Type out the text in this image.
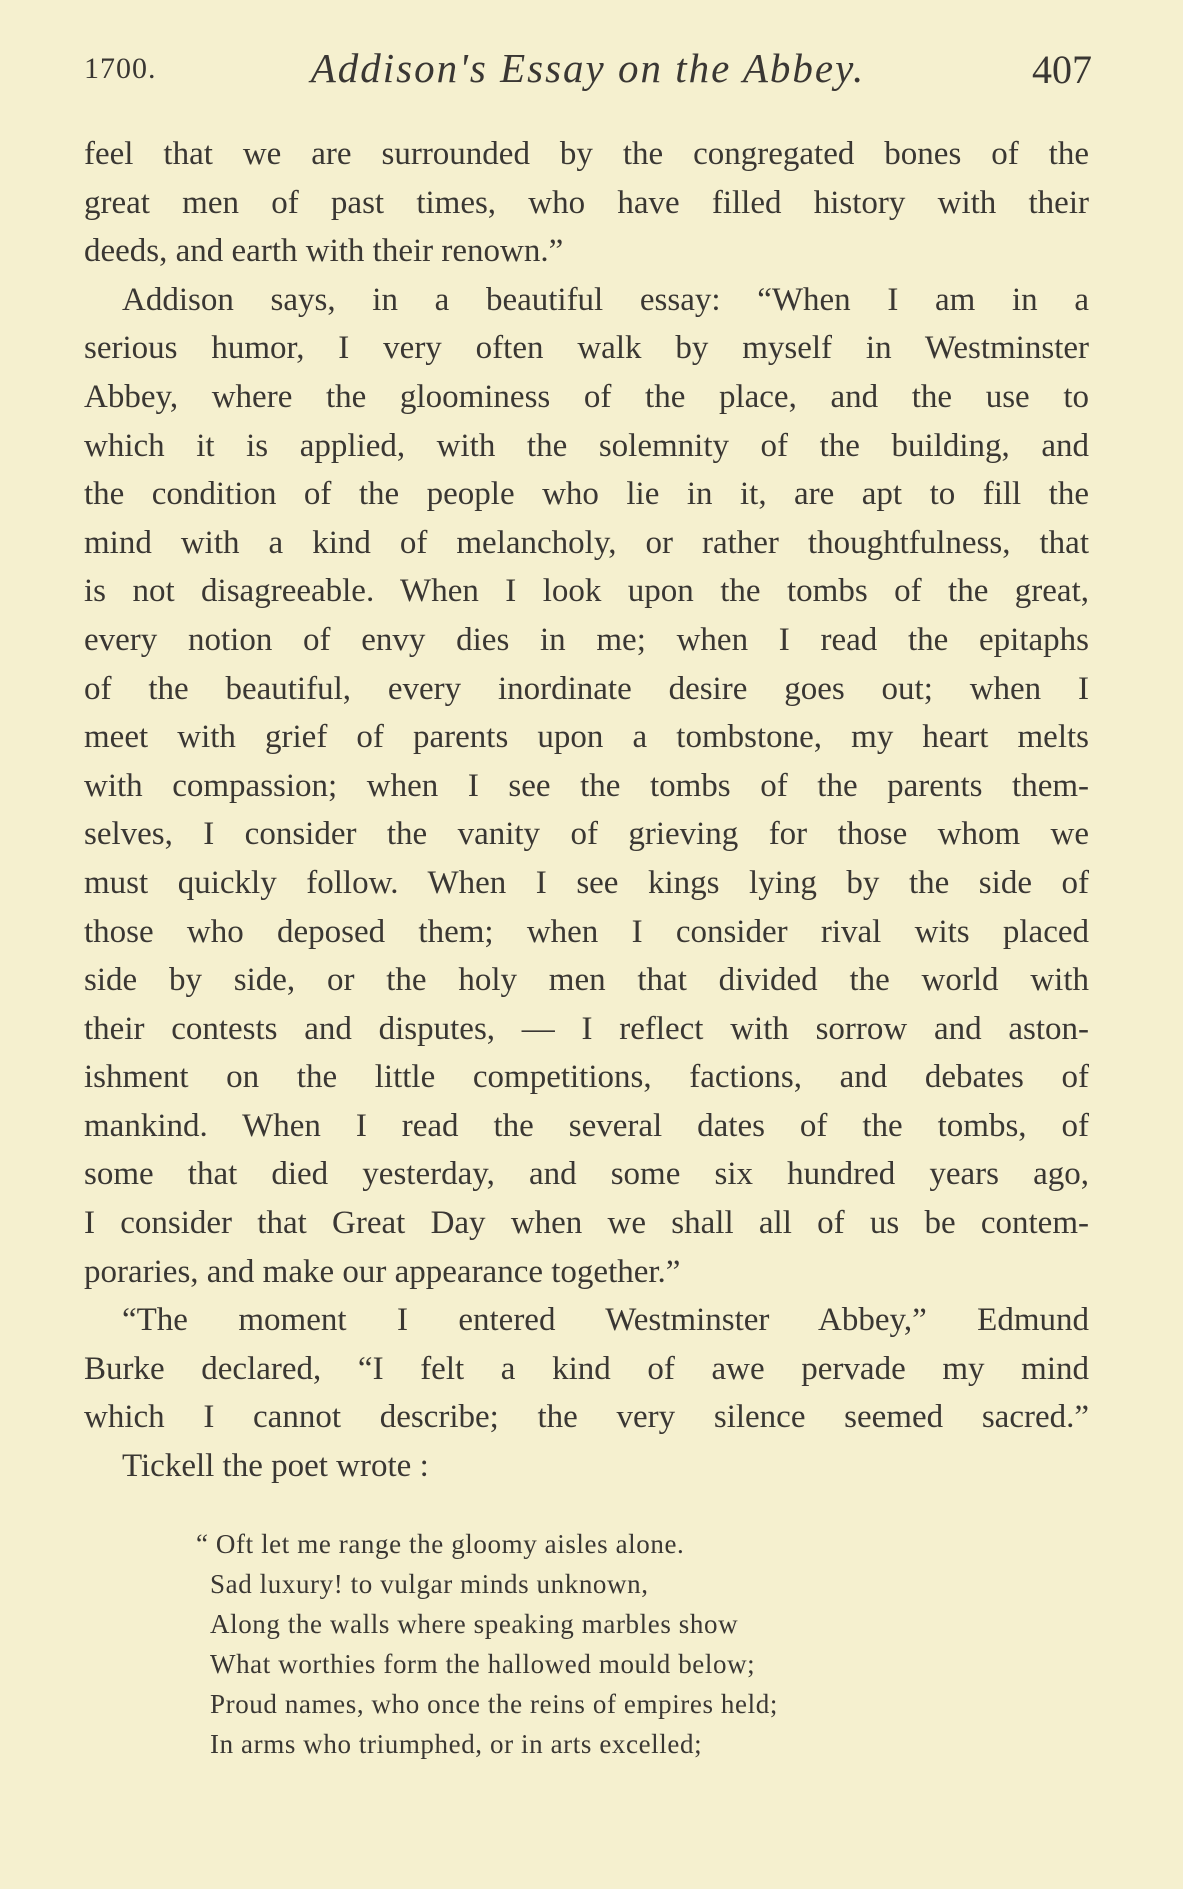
1700.	Addison's Essay on the Abbey.	407
feel that we are surrounded by the congregated bones of the
great men of past times, who have filled history with their
deeds, and earth with their renown.”
Addison says, in a beautiful essay: “When I am in a
serious humor, I very often walk by myself in Westminster
Abbey, where the gloominess of the place, and the use to
which it is applied, with the solemnity of the building, and
the condition of the people who lie in it, are apt to fill the
mind with a kind of melancholy, or rather thoughtfulness, that
is not disagreeable. When I look upon the tombs of the great,
every notion of envy dies in me; when I read the epitaphs
of the beautiful, every inordinate desire goes out; when I
meet with grief of parents upon a tombstone, my heart melts
with compassion; when I see the tombs of the parents them-
selves, I consider the vanity of grieving for those whom we
must quickly follow. When I see kings lying by the side of
those who deposed them; when I consider rival wits placed
side by side, or the holy men that divided the world with
their contests and disputes, — I reflect with sorrow and aston-
ishment on the little competitions, factions, and debates of
mankind. When I read the several dates of the tombs, of
some that died yesterday, and some six hundred years ago,
I consider that Great Day when we shall all of us be contem-
poraries, and make our appearance together.”
“The moment I entered Westminster Abbey,” Edmund
Burke declared, “I felt a kind of awe pervade my mind
which I cannot describe; the very silence seemed sacred.”
Tickell the poet wrote :
“ Oft let me range the gloomy aisles alone.
Sad luxury! to vulgar minds unknown,
Along the walls where speaking marbles show
What worthies form the hallowed mould below;
Proud names, who once the reins of empires held;
In arms who triumphed, or in arts excelled;
